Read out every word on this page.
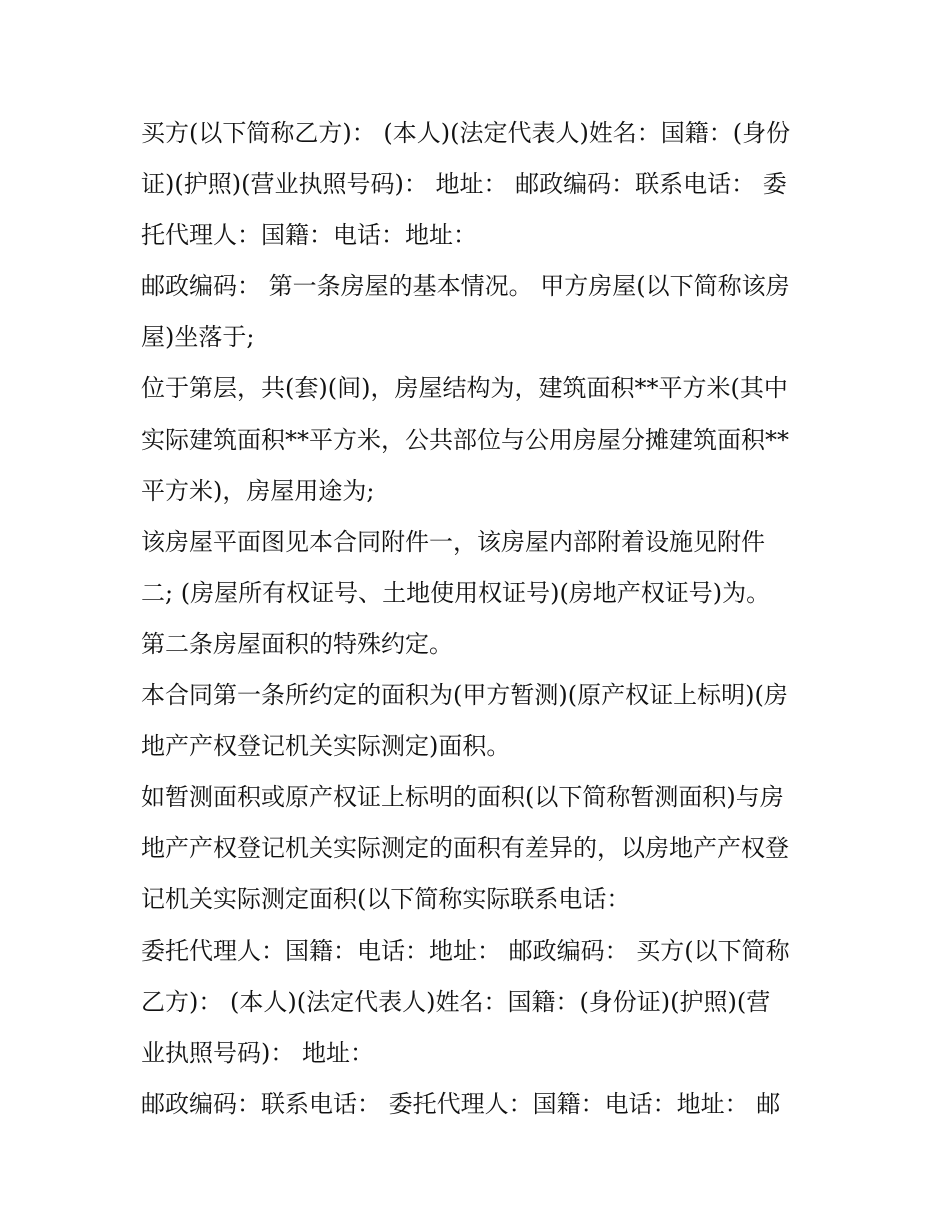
买方(以下简称乙方)： (本人)(法定代表人)姓名：国籍：(身份
证)(护照)(营业执照号码)： 地址： 邮政编码：联系电话： 委
托代理人：国籍：电话：地址：
邮政编码： 第一条房屋的基本情况。 甲方房屋(以下简称该房
屋)坐落于;
位于第层，共(套)(间)，房屋结构为，建筑面积**平方米(其中
实际建筑面积**平方米，公共部位与公用房屋分摊建筑面积**
平方米)，房屋用途为;
该房屋平面图见本合同附件一，该房屋内部附着设施见附件
二; (房屋所有权证号、土地使用权证号)(房地产权证号)为。
第二条房屋面积的特殊约定。
本合同第一条所约定的面积为(甲方暂测)(原产权证上标明)(房
地产产权登记机关实际测定)面积。
如暂测面积或原产权证上标明的面积(以下简称暂测面积)与房
地产产权登记机关实际测定的面积有差异的，以房地产产权登
记机关实际测定面积(以下简称实际联系电话：
委托代理人：国籍：电话：地址： 邮政编码： 买方(以下简称
乙方)： (本人)(法定代表人)姓名：国籍：(身份证)(护照)(营
业执照号码)： 地址：
邮政编码：联系电话： 委托代理人：国籍：电话：地址： 邮
